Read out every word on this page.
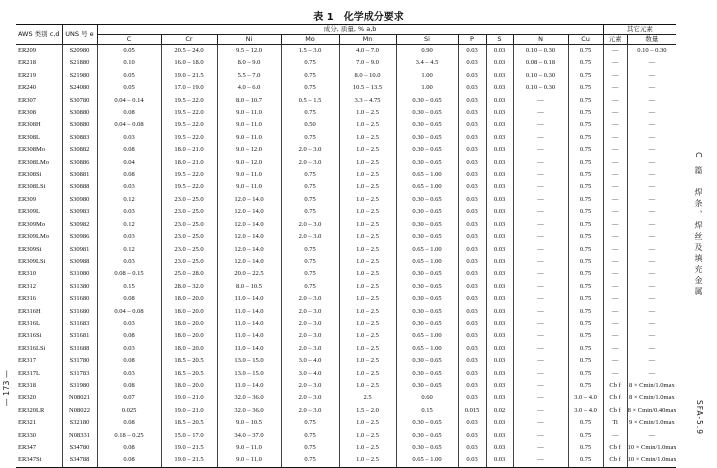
表 1　化学成分要求
AWS 类别 c,d	UNS 号 e	成分, 质量, % a,b										其它元素	
		C	Cr	Ni	Mo	Mn	Si	P	S	N	Cu	元素	数量
ER209	S20980	0.05	20.5 – 24.0	9.5 – 12.0	1.5 – 3.0	4.0 – 7.0	0.90	0.03	0.03	0.10 – 0.30	0.75	—	0.10 – 0.30
ER218	S21880	0.10	16.0 – 18.0	8.0 – 9.0	0.75	7.0 – 9.0	3.4 – 4.5	0.03	0.03	0.08 – 0.18	0.75	—	—
ER219	S21980	0.05	19.0 – 21.5	5.5 – 7.0	0.75	8.0 – 10.0	1.00	0.03	0.03	0.10 – 0.30	0.75	—	—
ER240	S24080	0.05	17.0 – 19.0	4.0 – 6.0	0.75	10.5 – 13.5	1.00	0.03	0.03	0.10 – 0.30	0.75	—	—
ER307	S30780	0.04 – 0.14	19.5 – 22.0	8.0 – 10.7	0.5 – 1.5	3.3 – 4.75	0.30 – 0.65	0.03	0.03	—	0.75	—	—
ER308	S30880	0.08	19.5 – 22.0	9.0 – 11.0	0.75	1.0 – 2.5	0.30 – 0.65	0.03	0.03	—	0.75	—	—
ER308H	S30880	0.04 – 0.08	19.5 – 22.0	9.0 – 11.0	0.50	1.0 – 2.5	0.30 – 0.65	0.03	0.03	—	0.75	—	—
ER308L	S30883	0.03	19.5 – 22.0	9.0 – 11.0	0.75	1.0 – 2.5	0.30 – 0.65	0.03	0.03	—	0.75	—	—
ER308Mo	S30882	0.08	18.0 – 21.0	9.0 – 12.0	2.0 – 3.0	1.0 – 2.5	0.30 – 0.65	0.03	0.03	—	0.75	—	—
ER308LMo	S30886	0.04	18.0 – 21.0	9.0 – 12.0	2.0 – 3.0	1.0 – 2.5	0.30 – 0.65	0.03	0.03	—	0.75	—	—
ER308Si	S30881	0.08	19.5 – 22.0	9.0 – 11.0	0.75	1.0 – 2.5	0.65 – 1.00	0.03	0.03	—	0.75	—	—
ER308LSi	S30888	0.03	19.5 – 22.0	9.0 – 11.0	0.75	1.0 – 2.5	0.65 – 1.00	0.03	0.03	—	0.75	—	—
ER309	S30980	0.12	23.0 – 25.0	12.0 – 14.0	0.75	1.0 – 2.5	0.30 – 0.65	0.03	0.03	—	0.75	—	—
ER309L	S30983	0.03	23.0 – 25.0	12.0 – 14.0	0.75	1.0 – 2.5	0.30 – 0.65	0.03	0.03	—	0.75	—	—
ER309Mo	S30982	0.12	23.0 – 25.0	12.0 – 14.0	2.0 – 3.0	1.0 – 2.5	0.30 – 0.65	0.03	0.03	—	0.75	—	—
ER309LMo	S30986	0.03	23.0 – 25.0	12.0 – 14.0	2.0 – 3.0	1.0 – 2.5	0.30 – 0.65	0.03	0.03	—	0.75	—	—
ER309Si	S30981	0.12	23.0 – 25.0	12.0 – 14.0	0.75	1.0 – 2.5	0.65 – 1.00	0.03	0.03	—	0.75	—	—
ER309LSi	S30988	0.03	23.0 – 25.0	12.0 – 14.0	0.75	1.0 – 2.5	0.65 – 1.00	0.03	0.03	—	0.75	—	—
ER310	S31080	0.08 – 0.15	25.0 – 28.0	20.0 – 22.5	0.75	1.0 – 2.5	0.30 – 0.65	0.03	0.03	—	0.75	—	—
ER312	S31380	0.15	28.0 – 32.0	8.0 – 10.5	0.75	1.0 – 2.5	0.30 – 0.65	0.03	0.03	—	0.75	—	—
ER316	S31680	0.08	18.0 – 20.0	11.0 – 14.0	2.0 – 3.0	1.0 – 2.5	0.30 – 0.65	0.03	0.03	—	0.75	—	—
ER316H	S31680	0.04 – 0.08	18.0 – 20.0	11.0 – 14.0	2.0 – 3.0	1.0 – 2.5	0.30 – 0.65	0.03	0.03	—	0.75	—	—
ER316L	S31683	0.03	18.0 – 20.0	11.0 – 14.0	2.0 – 3.0	1.0 – 2.5	0.30 – 0.65	0.03	0.03	—	0.75	—	—
ER316Si	S31681	0.08	18.0 – 20.0	11.0 – 14.0	2.0 – 3.0	1.0 – 2.5	0.65 – 1.00	0.03	0.03	—	0.75	—	—
ER316LSi	S31688	0.03	18.0 – 20.0	11.0 – 14.0	2.0 – 3.0	1.0 – 2.5	0.65 – 1.00	0.03	0.03	—	0.75	—	—
ER317	S31780	0.08	18.5 – 20.5	13.0 – 15.0	3.0 – 4.0	1.0 – 2.5	0.30 – 0.65	0.03	0.03	—	0.75	—	—
ER317L	S31783	0.03	18.5 – 20.5	13.0 – 15.0	3.0 – 4.0	1.0 – 2.5	0.30 – 0.65	0.03	0.03	—	0.75	—	—
ER318	S31980	0.08	18.0 – 20.0	11.0 – 14.0	2.0 – 3.0	1.0 – 2.5	0.30 – 0.65	0.03	0.03	—	0.75	Cb f	8 × Cmin/1.0max
ER320	N08021	0.07	19.0 – 21.0	32.0 – 36.0	2.0 – 3.0	2.5	0.60	0.03	0.03	—	3.0 – 4.0	Cb f	8 × Cmin/1.0max
ER320LR	N08022	0.025	19.0 – 21.0	32.0 – 36.0	2.0 – 3.0	1.5 – 2.0	0.15	0.015	0.02	—	3.0 – 4.0	Cb f	8 × Cmin/0.40max
ER321	S32180	0.08	18.5 – 20.5	9.0 – 10.5	0.75	1.0 – 2.5	0.30 – 0.65	0.03	0.03	—	0.75	Ti	9 × Cmin/1.0max
ER330	N08331	0.18 – 0.25	15.0 – 17.0	34.0 – 37.0	0.75	1.0 – 2.5	0.30 – 0.65	0.03	0.03	—	0.75	—	—
ER347	S34780	0.08	19.0 – 21.5	9.0 – 11.0	0.75	1.0 – 2.5	0.30 – 0.65	0.03	0.03	—	0.75	Cb f	10 × Cmin/1.0max
ER347Si	S34788	0.08	19.0 – 21.5	9.0 – 11.0	0.75	1.0 – 2.5	0.65 – 1.00	0.03	0.03	—	0.75	Cb f	10 × Cmin/1.0max
C 篇　焊条、焊丝及填充金属
SFA-5.9
— 173 —
